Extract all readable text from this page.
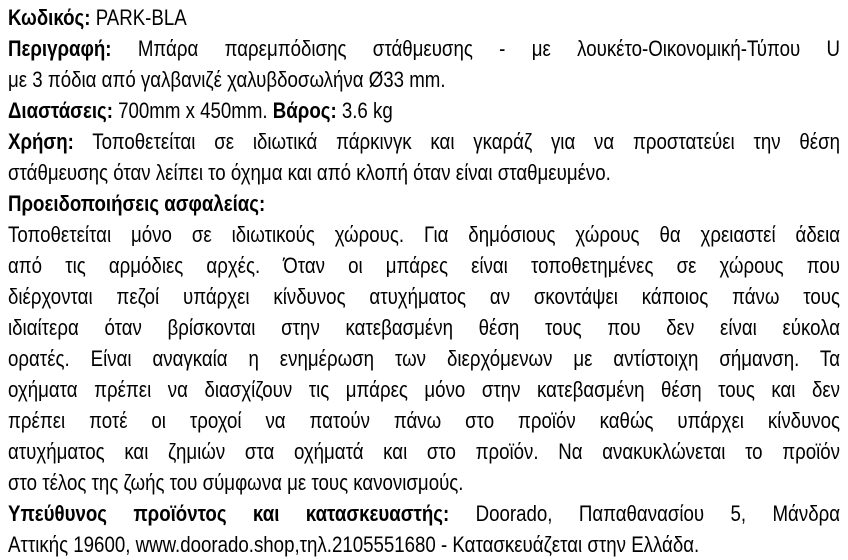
Κωδικός: PARK-BLA
Περιγραφή: Μπάρα παρεμπόδισης στάθμευσης - με λουκέτο-Οικονομική-Τύπου U
με 3 πόδια από γαλβανιζέ χαλυβδοσωλήνα Ø33 mm.
Διαστάσεις: 700mm x 450mm. Βάρος: 3.6 kg
Χρήση: Τοποθετείται σε ιδιωτικά πάρκινγκ και γκαράζ για να προστατεύει την θέση
στάθμευσης όταν λείπει το όχημα και από κλοπή όταν είναι σταθμευμένο.
Προειδοποιήσεις ασφαλείας:
Τοποθετείται μόνο σε ιδιωτικούς χώρους. Για δημόσιους χώρους θα χρειαστεί άδεια
από τις αρμόδιες αρχές. Όταν οι μπάρες είναι τοποθετημένες σε χώρους που
διέρχονται πεζοί υπάρχει κίνδυνος ατυχήματος αν σκοντάψει κάποιος πάνω τους
ιδιαίτερα όταν βρίσκονται στην κατεβασμένη θέση τους που δεν είναι εύκολα
ορατές. Είναι αναγκαία η ενημέρωση των διερχόμενων με αντίστοιχη σήμανση. Τα
οχήματα πρέπει να διασχίζουν τις μπάρες μόνο στην κατεβασμένη θέση τους και δεν
πρέπει ποτέ οι τροχοί να πατούν πάνω στο προϊόν καθώς υπάρχει κίνδυνος
ατυχήματος και ζημιών στα οχήματά και στο προϊόν. Να ανακυκλώνεται το προϊόν
στο τέλος της ζωής του σύμφωνα με τους κανονισμούς.
Υπεύθυνος προϊόντος και κατασκευαστής: Doorado, Παπαθανασίου 5, Μάνδρα
Αττικής 19600, www.doorado.shop,τηλ.2105551680 - Κατασκευάζεται στην Ελλάδα.
